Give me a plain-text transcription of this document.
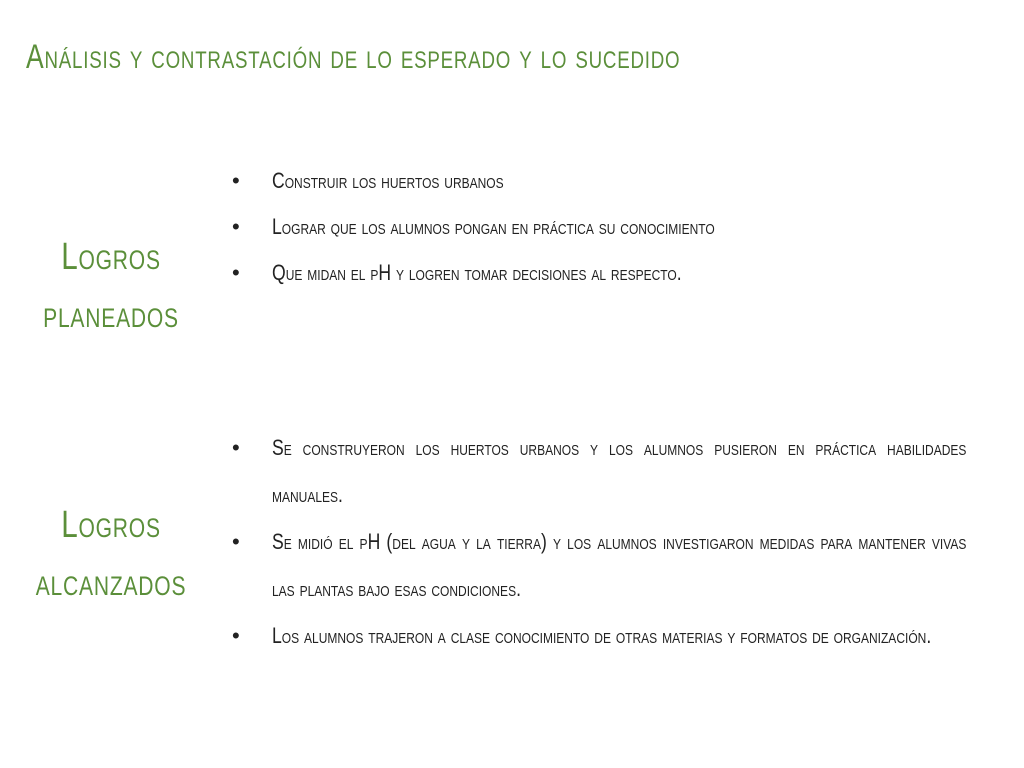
Análisis y contrastación de lo esperado y lo sucedido
Logros
planeados
• Construir los huertos urbanos
• Lograr que los alumnos pongan en práctica su conocimiento
• Que midan el pH y logren tomar decisiones al respecto.
Logros
alcanzados
• Se construyeron los huertos urbanos y los alumnos pusieron en práctica habilidades manuales.
• Se midió el pH (del agua y la tierra) y los alumnos investigaron medidas para mantener vivas las plantas bajo esas condiciones.
• Los alumnos trajeron a clase conocimiento de otras materias y formatos de organización.
